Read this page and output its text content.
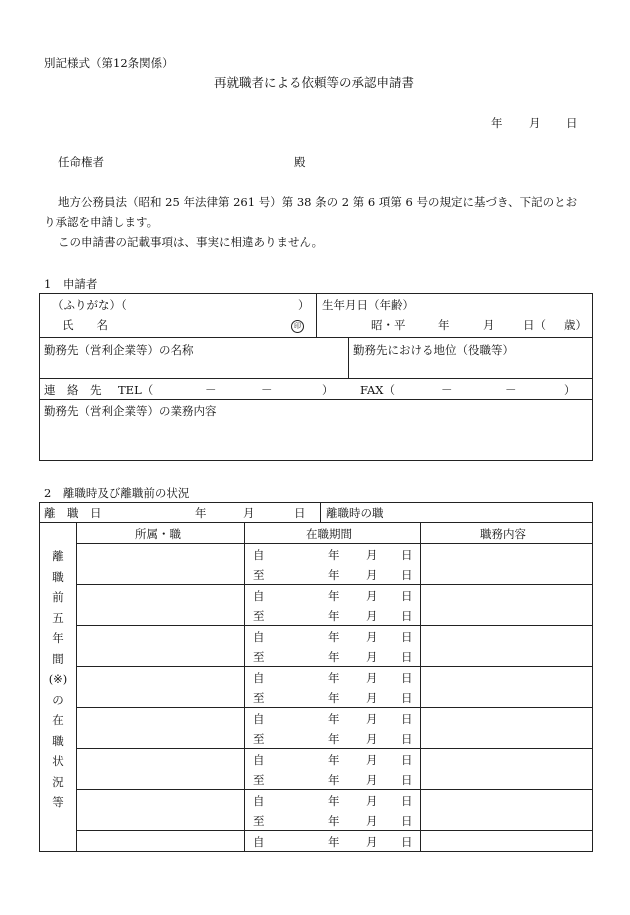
別記様式（第12条関係）
再就職者による依頼等の承認申請書
年 月 日
任命権者	殿
地方公務員法（昭和 25 年法律第 261 号）第 38 条の 2 第 6 項第 6 号の規定に基づき、下記のとお
り承認を申請します。
この申請書の記載事項は、事実に相違ありません。
1　申請者
（ふりがな）（	）
氏　　名	印
生年月日（年齢）
昭・平	年	月 日（ 歳）
勤務先（営利企業等）の名称	勤務先における地位（役職等）
連　絡　先 TEL（	－	－	） FAX（	－	－	）
勤務先（営利企業等）の業務内容
2　離職時及び離職前の状況
離　職　日	年	月	日 離職時の職
所属・職	在職期間	職務内容
離
職
前
五
年
間
(※)
の
在
職
状
況
等
自	年 月 日
至	年 月 日
自	年 月 日
至	年 月 日
自	年 月 日
至	年 月 日
自	年 月 日
至	年 月 日
自	年 月 日
至	年 月 日
自	年 月 日
至	年 月 日
自	年 月 日
至	年 月 日
自	年 月 日
